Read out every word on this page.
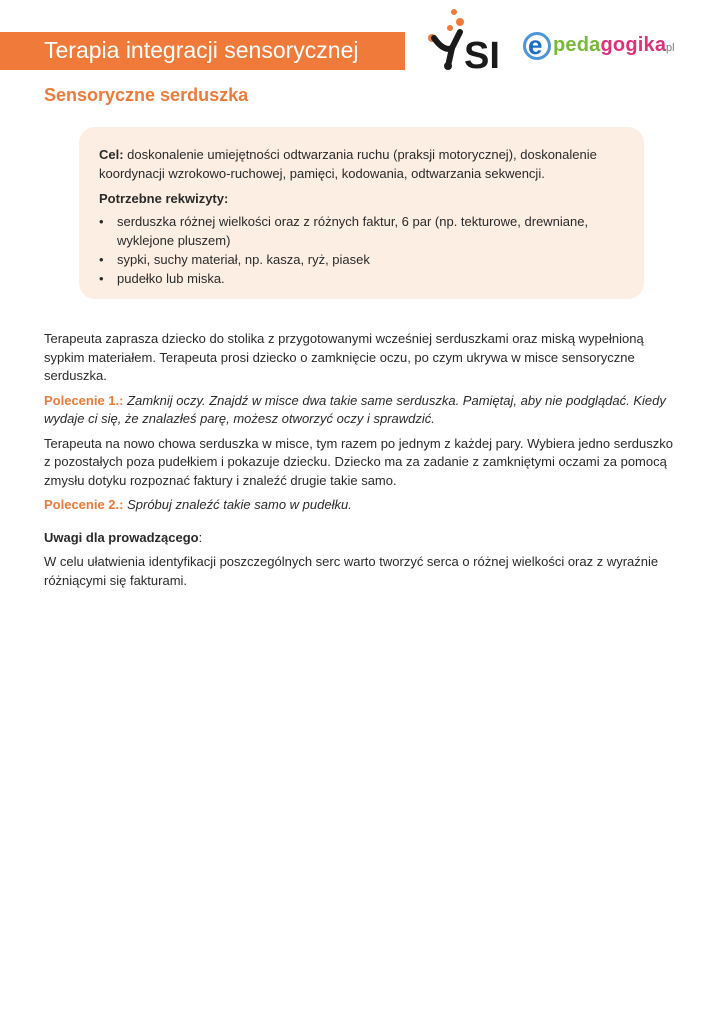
Terapia integracji sensorycznej	SI e pedagogika
.pl
Sensoryczne serduszka

Cel: doskonalenie umiejętności odtwarzania ruchu (praksji motorycznej), doskonalenie koordynacji wzrokowo-ruchowej, pamięci, kodowania, odtwarzania sekwencji.

Potrzebne rekwizyty:

• serduszka różnej wielkości oraz z różnych faktur, 6 par (np. tekturowe, drewniane, wyklejone pluszem)
• sypki, suchy materiał, np. kasza, ryż, piasek
• pudełko lub miska.

Terapeuta zaprasza dziecko do stolika z przygotowanymi wcześniej serduszkami oraz miską wypełnioną sypkim materiałem. Terapeuta prosi dziecko o zamknięcie oczu, po czym ukrywa w misce sensoryczne serduszka.

Polecenie 1.: Zamknij oczy. Znajdź w misce dwa takie same serduszka. Pamiętaj, aby nie podglądać. Kiedy wydaje ci się, że znalazłeś parę, możesz otworzyć oczy i sprawdzić.

Terapeuta na nowo chowa serduszka w misce, tym razem po jednym z każdej pary. Wybiera jedno serduszko z pozostałych poza pudełkiem i pokazuje dziecku. Dziecko ma za zadanie z zamkniętymi oczami za pomocą zmysłu dotyku rozpoznać faktury i znaleźć drugie takie samo.

Polecenie 2.: Spróbuj znaleźć takie samo w pudełku.

Uwagi dla prowadzącego:

W celu ułatwienia identyfikacji poszczególnych serc warto tworzyć serca o różnej wielkości oraz z wyraźnie różniącymi się fakturami.
